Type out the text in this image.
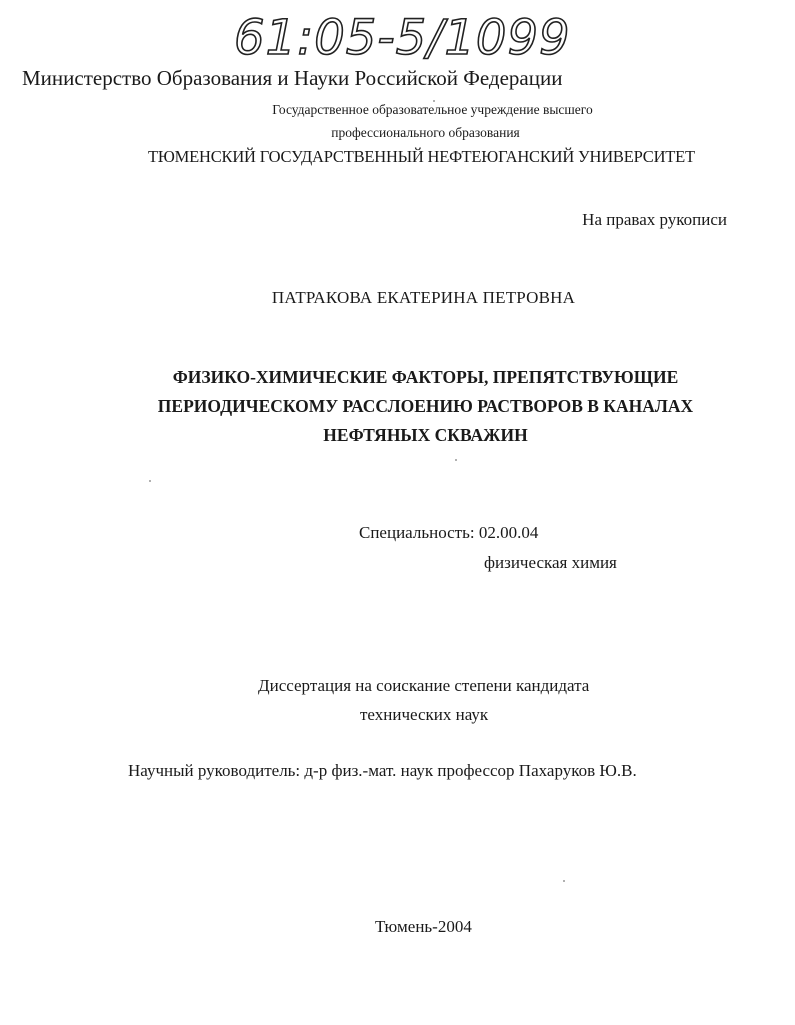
61:05-5/1099
Министерство Образования и Науки Российской Федерации
Государственное образовательное учреждение высшего
профессионального образования
ТЮМЕНСКИЙ ГОСУДАРСТВЕННЫЙ НЕФТЕЮГАНСКИЙ УНИВЕРСИТЕТ
На правах рукописи
ПАТРАКОВА ЕКАТЕРИНА ПЕТРОВНА
ФИЗИКО-ХИМИЧЕСКИЕ ФАКТОРЫ, ПРЕПЯТСТВУЮЩИЕ
ПЕРИОДИЧЕСКОМУ РАССЛОЕНИЮ РАСТВОРОВ В КАНАЛАХ
НЕФТЯНЫХ СКВАЖИН
Специальность: 02.00.04
физическая химия
Диссертация на соискание степени кандидата
технических наук
Научный руководитель: д-р физ.-мат. наук профессор Пахаруков Ю.В.
Тюмень-2004
